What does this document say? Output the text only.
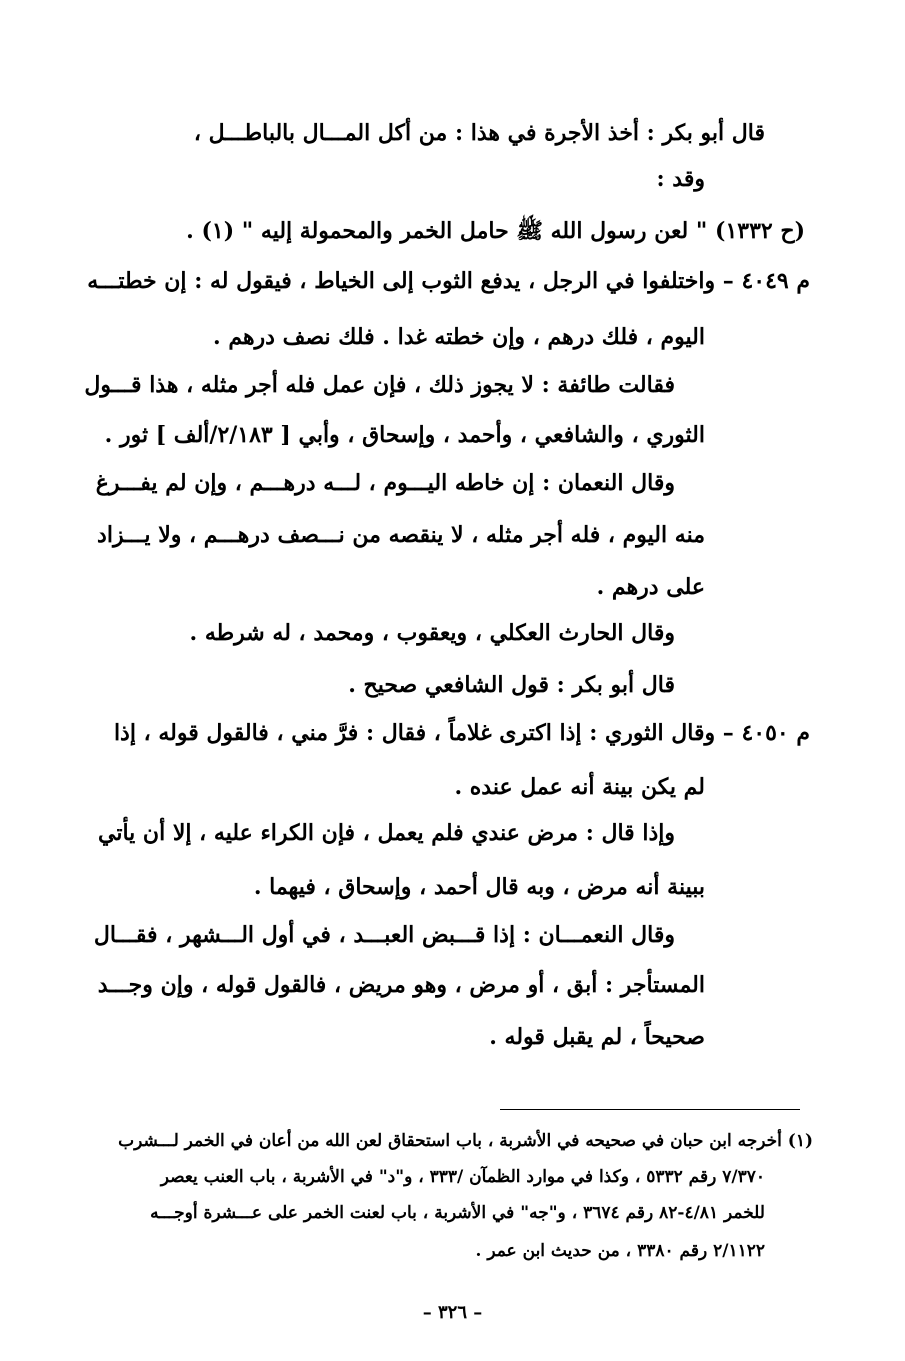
قال أبو بكر : أخذ الأجرة في هذا : من أكل المـــال بالباطـــل ،
وقد :
(ح ١٣٣٢) " لعن رسول الله ﷺ حامل الخمر والمحمولة إليه " (١) .
م ٤٠٤٩ – واختلفوا في الرجل ، يدفع الثوب إلى الخياط ، فيقول له : إن خطتـــه
اليوم ، فلك درهم ، وإن خطته غدا . فلك نصف درهم .
فقالت طائفة : لا يجوز ذلك ، فإن عمل فله أجر مثله ، هذا قـــول
الثوري ، والشافعي ، وأحمد ، وإسحاق ، وأبي [ ٢/١٨٣/ألف ] ثور .
وقال النعمان : إن خاطه اليـــوم ، لـــه درهـــم ، وإن لم يفـــرغ
منه اليوم ، فله أجر مثله ، لا ينقصه من نـــصف درهـــم ، ولا يـــزاد
على درهم .
وقال الحارث العكلي ، ويعقوب ، ومحمد ، له شرطه .
قال أبو بكر : قول الشافعي صحيح .
م ٤٠٥٠ – وقال الثوري : إذا اكترى غلاماً ، فقال : فرَّ مني ، فالقول قوله ، إذا
لم يكن بينة أنه عمل عنده .
وإذا قال : مرض عندي فلم يعمل ، فإن الكراء عليه ، إلا أن يأتي
ببينة أنه مرض ، وبه قال أحمد ، وإسحاق ، فيهما .
وقال النعمـــان : إذا قـــبض العبـــد ، في أول الـــشهر ، فقـــال
المستأجر : أبق ، أو مرض ، وهو مريض ، فالقول قوله ، وإن وجـــد
صحيحاً ، لم يقبل قوله .
(١) أخرجه ابن حبان في صحيحه في الأشربة ، باب استحقاق لعن الله من أعان في الخمر لـــشرب
٧/٣٧٠ رقم ٥٣٣٢ ، وكذا في موارد الظمآن /٣٣٣ ، و"د" في الأشربة ، باب العنب يعصر
للخمر ٤/٨١-٨٢ رقم ٣٦٧٤ ، و"جه" في الأشربة ، باب لعنت الخمر على عـــشرة أوجـــه
٢/١١٢٢ رقم ٣٣٨٠ ، من حديث ابن عمر .
– ٣٢٦ –
